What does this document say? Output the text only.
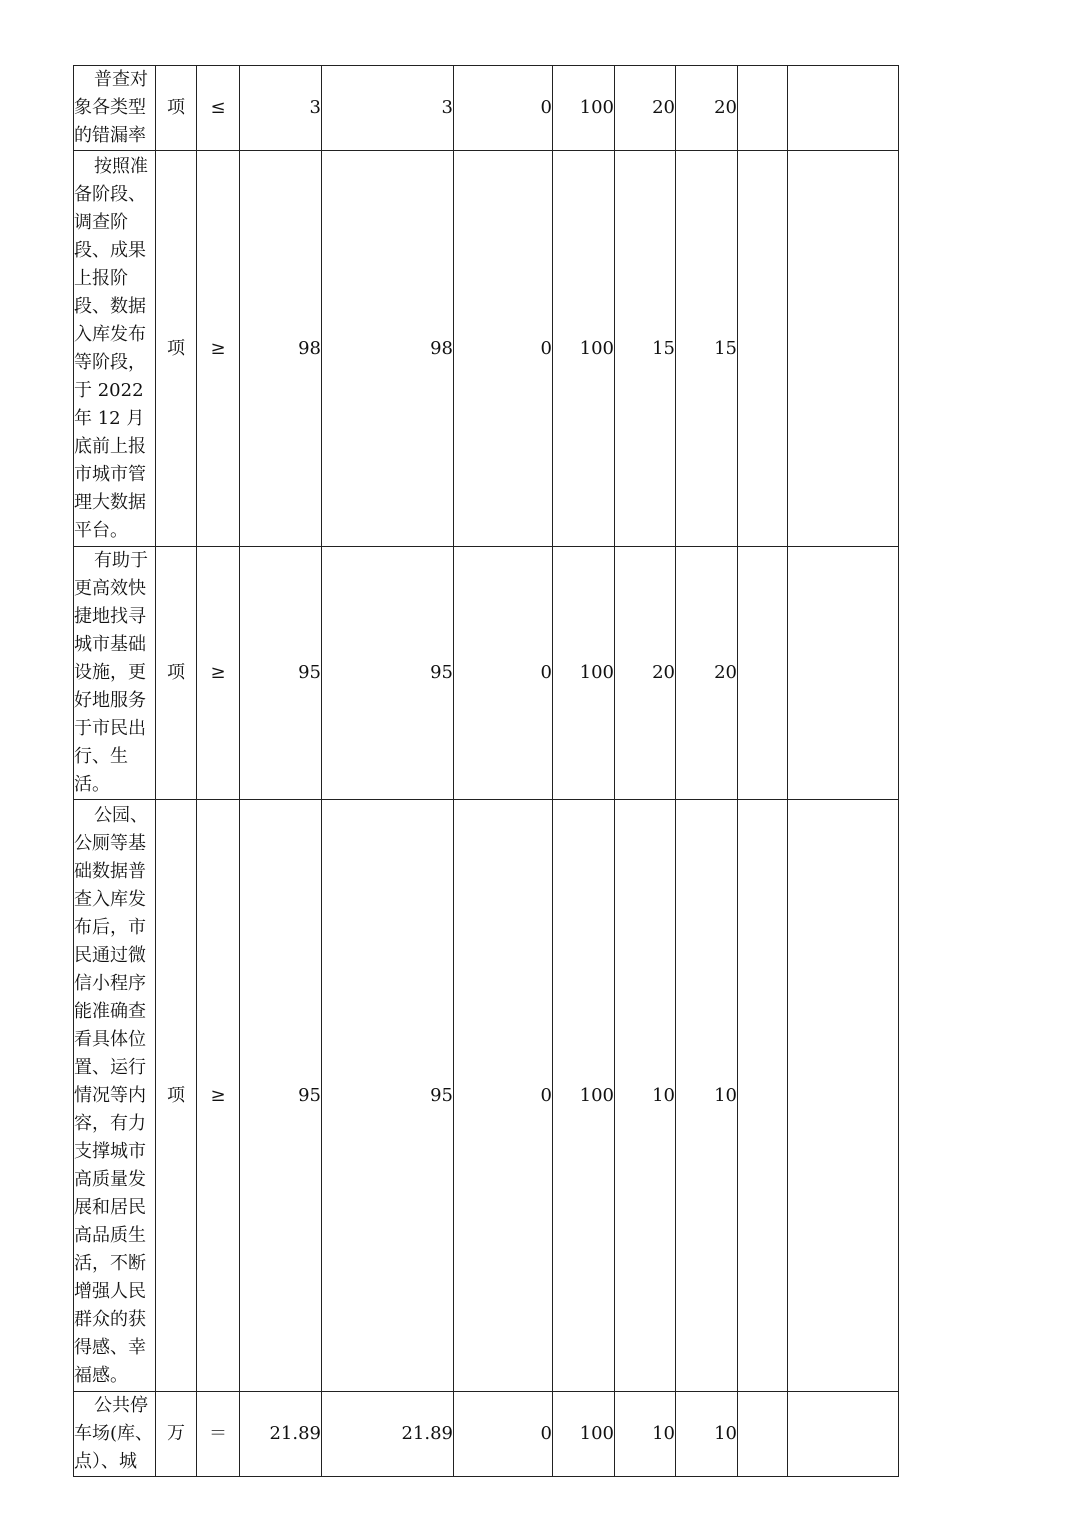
普查对象各类型的错漏率	项	≤	3	3	0	100	20	20		

按照准备阶段、调查阶段、成果上报阶段、数据入库发布等阶段，于 2022 年 12 月底前上报市城市管理大数据平台。	项	≥	98	98	0	100	15	15		

有助于更高效快捷地找寻城市基础设施，更好地服务于市民出行、生活。	项	≥	95	95	0	100	20	20		

公园、公厕等基础数据普查入库发布后，市民通过微信小程序能准确查看具体位置、运行情况等内容，有力支撑城市高质量发展和居民高品质生活，不断增强人民群众的获得感、幸福感。	项	≥	95	95	0	100	10	10		

公共停车场(库、点）、城	万	＝	21.89	21.89	0	100	10	10		
